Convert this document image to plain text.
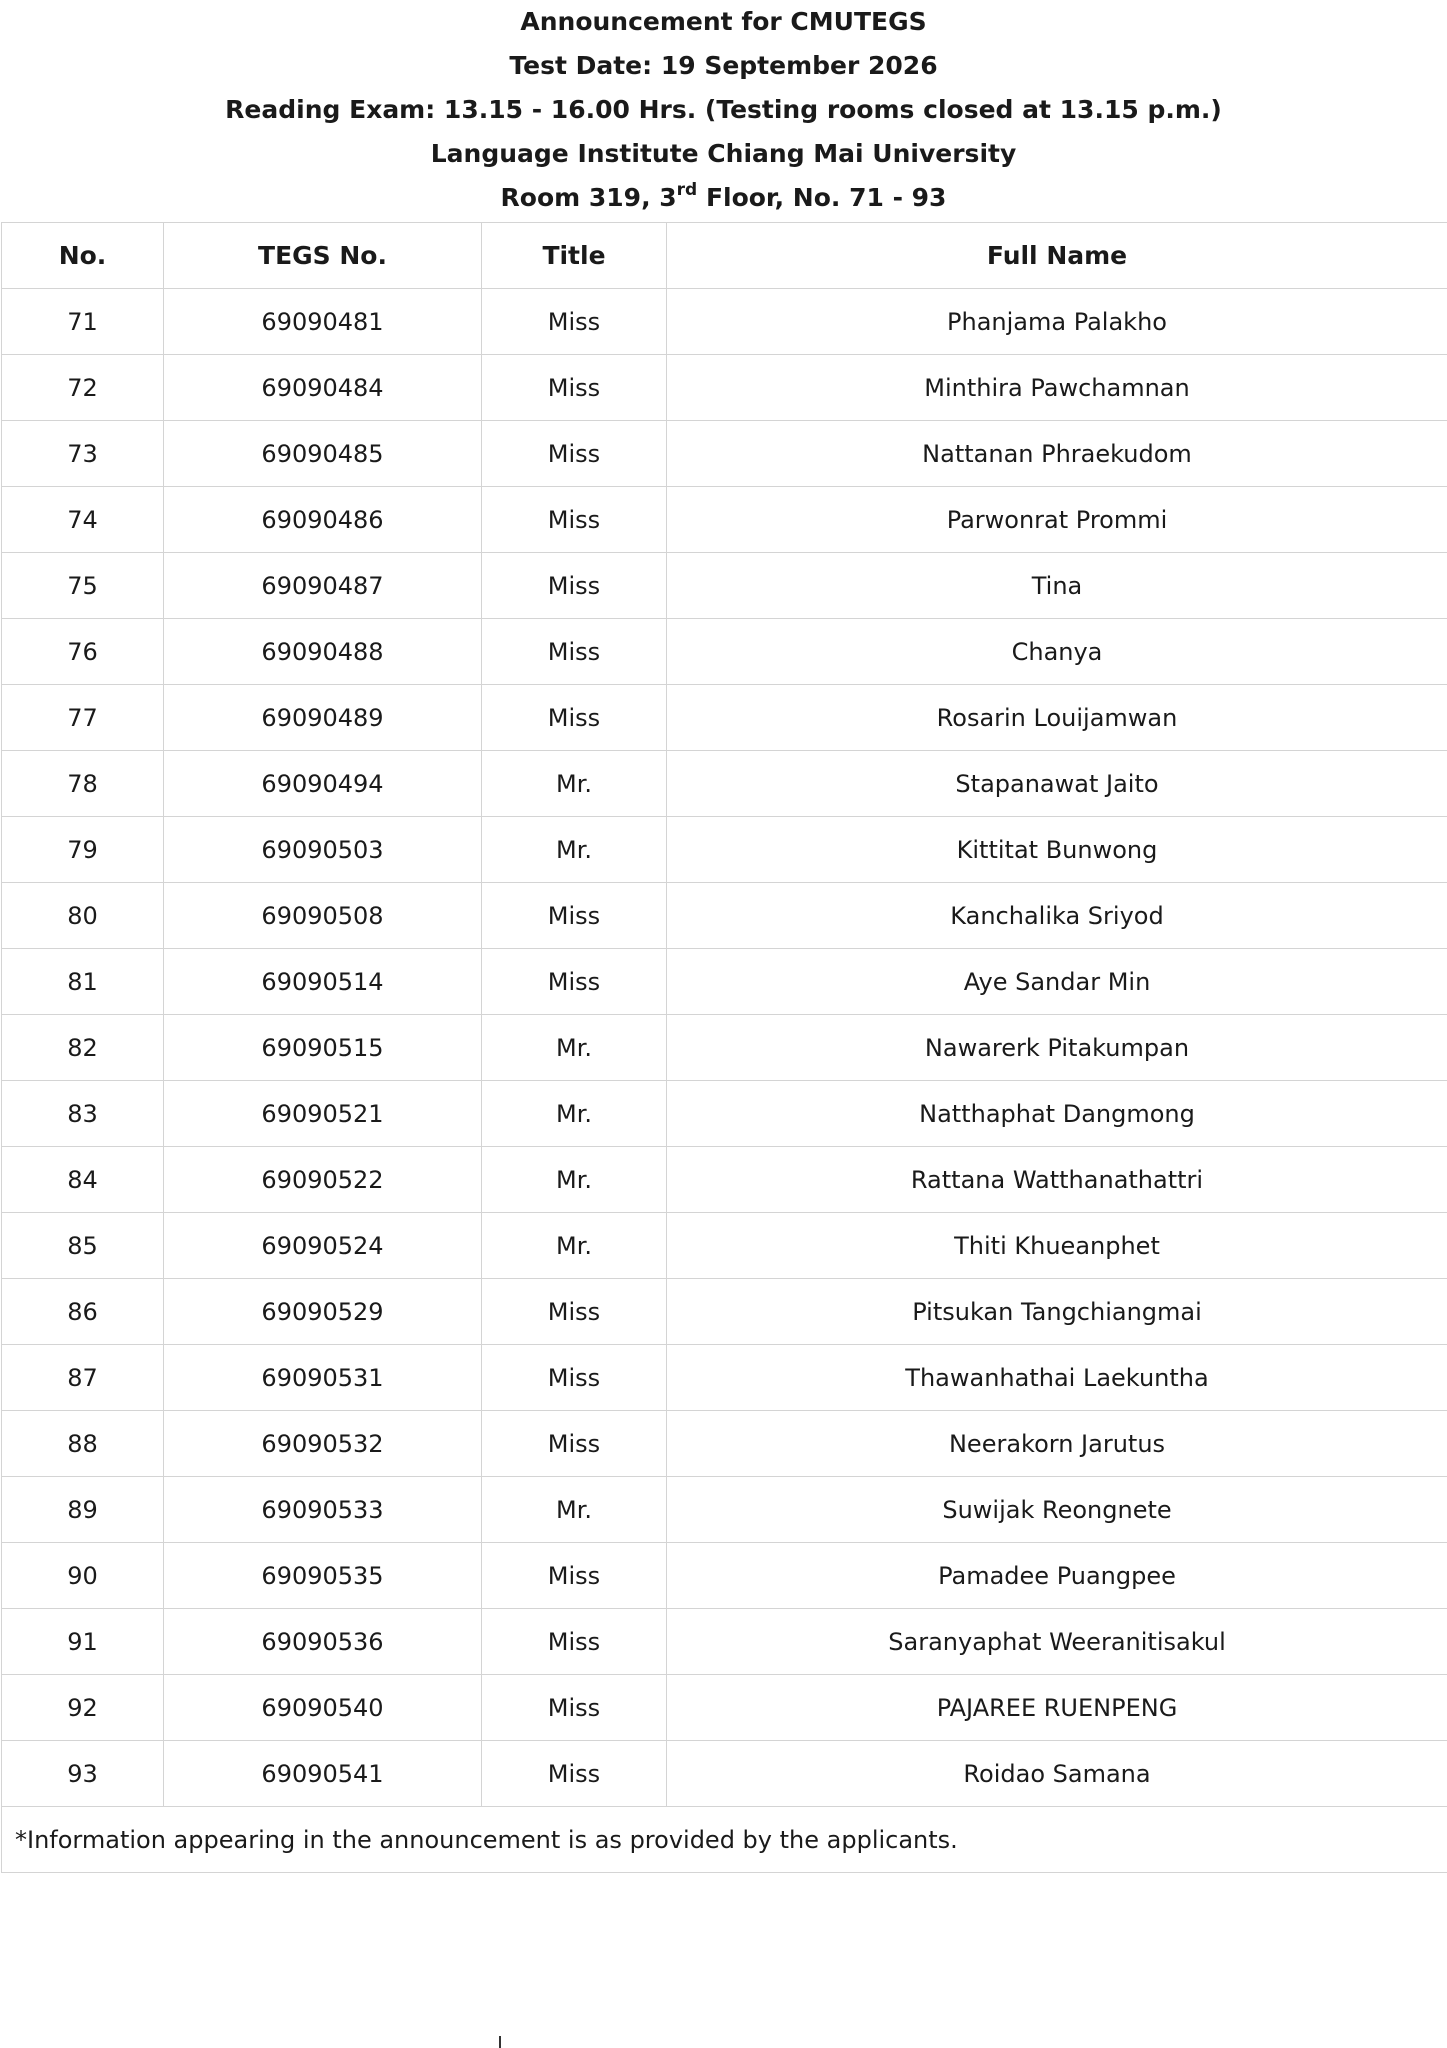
Announcement for CMUTEGS
Test Date: 19 September 2026
Reading Exam: 13.15 - 16.00 Hrs. (Testing rooms closed at 13.15 p.m.)
Language Institute Chiang Mai University
Room 319, 3rd Floor, No. 71 - 93
No.	TEGS No.	Title	Full Name
71	69090481	Miss	Phanjama Palakho
72	69090484	Miss	Minthira Pawchamnan
73	69090485	Miss	Nattanan Phraekudom
74	69090486	Miss	Parwonrat Prommi
75	69090487	Miss	Tina
76	69090488	Miss	Chanya
77	69090489	Miss	Rosarin Louijamwan
78	69090494	Mr.	Stapanawat Jaito
79	69090503	Mr.	Kittitat Bunwong
80	69090508	Miss	Kanchalika Sriyod
81	69090514	Miss	Aye Sandar Min
82	69090515	Mr.	Nawarerk Pitakumpan
83	69090521	Mr.	Natthaphat Dangmong
84	69090522	Mr.	Rattana Watthanathattri
85	69090524	Mr.	Thiti Khueanphet
86	69090529	Miss	Pitsukan Tangchiangmai
87	69090531	Miss	Thawanhathai Laekuntha
88	69090532	Miss	Neerakorn Jarutus
89	69090533	Mr.	Suwijak Reongnete
90	69090535	Miss	Pamadee Puangpee
91	69090536	Miss	Saranyaphat Weeranitisakul
92	69090540	Miss	PAJAREE RUENPENG
93	69090541	Miss	Roidao Samana
*Information appearing in the announcement is as provided by the applicants.			
